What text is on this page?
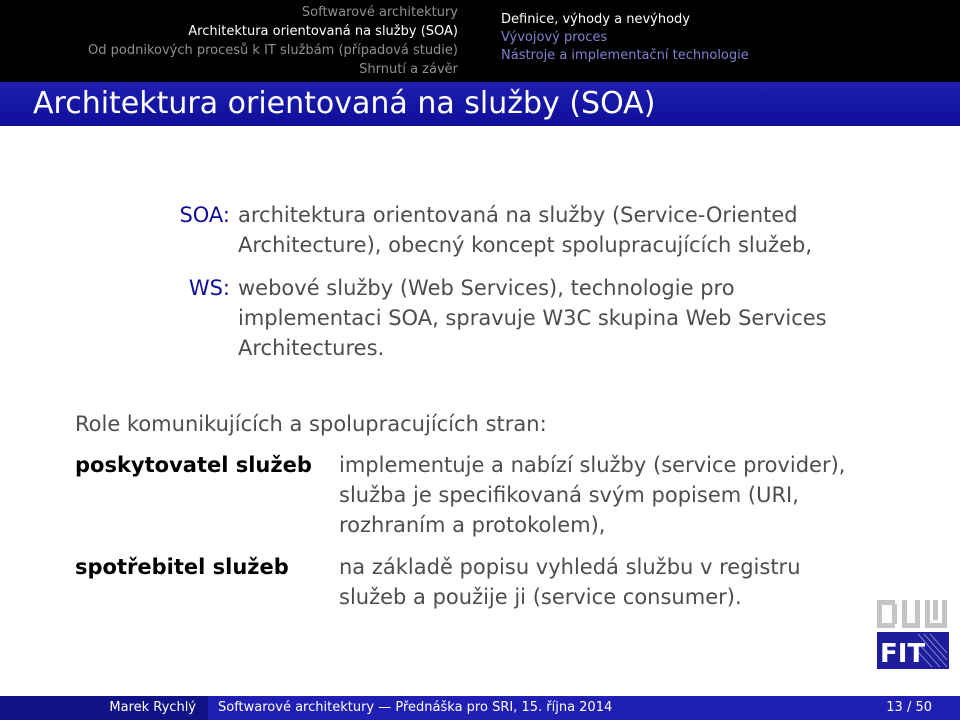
Softwarové architektury
Architektura orientovaná na služby (SOA)
Od podnikových procesů k IT službám (případová studie)
Shrnutí a závěr
Definice, výhody a nevýhody
Vývojový proces
Nástroje a implementační technologie
Architektura orientovaná na služby (SOA)
SOA: architektura orientovaná na služby (Service-Oriented Architecture), obecný koncept spolupracujících služeb,
WS: webové služby (Web Services), technologie pro implementaci SOA, spravuje W3C skupina Web Services Architectures.
Role komunikujících a spolupracujících stran:
poskytovatel služeb implementuje a nabízí služby (service provider), služba je specifikovaná svým popisem (URI, rozhraním a protokolem),
spotřebitel služeb na základě popisu vyhledá službu v registru služeb a použije ji (service consumer).
FIT
Marek Rychlý	Softwarové architektury — Přednáška pro SRI, 15. října 2014	13 / 50
